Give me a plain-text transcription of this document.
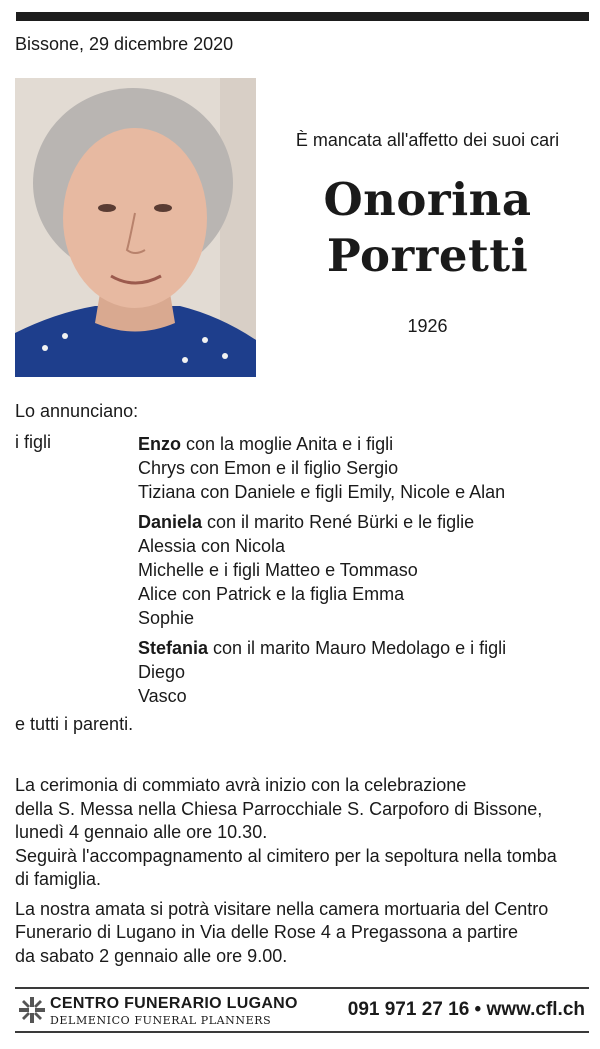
Bissone, 29 dicembre 2020
È mancata all'affetto dei suoi cari
Onorina
Porretti
1926
Lo annunciano:
i figli	Enzo con la moglie Anita e i figli
Chrys con Emon e il figlio Sergio
Tiziana con Daniele e figli Emily, Nicole e Alan
Daniela con il marito René Bürki e le figlie
Alessia con Nicola
Michelle e i figli Matteo e Tommaso
Alice con Patrick e la figlia Emma
Sophie
Stefania con il marito Mauro Medolago e i figli
Diego
Vasco
e tutti i parenti.

La cerimonia di commiato avrà inizio con la celebrazione
della S. Messa nella Chiesa Parrocchiale S. Carpoforo di Bissone,
lunedì 4 gennaio alle ore 10.30.
Seguirà l'accompagnamento al cimitero per la sepoltura nella tomba
di famiglia.

La nostra amata si potrà visitare nella camera mortuaria del Centro
Funerario di Lugano in Via delle Rose 4 a Pregassona a partire
da sabato 2 gennaio alle ore 9.00.

CENTRO FUNERARIO LUGANO
DELMENICO FUNERAL PLANNERS
091 971 27 16 • www.cfl.ch
